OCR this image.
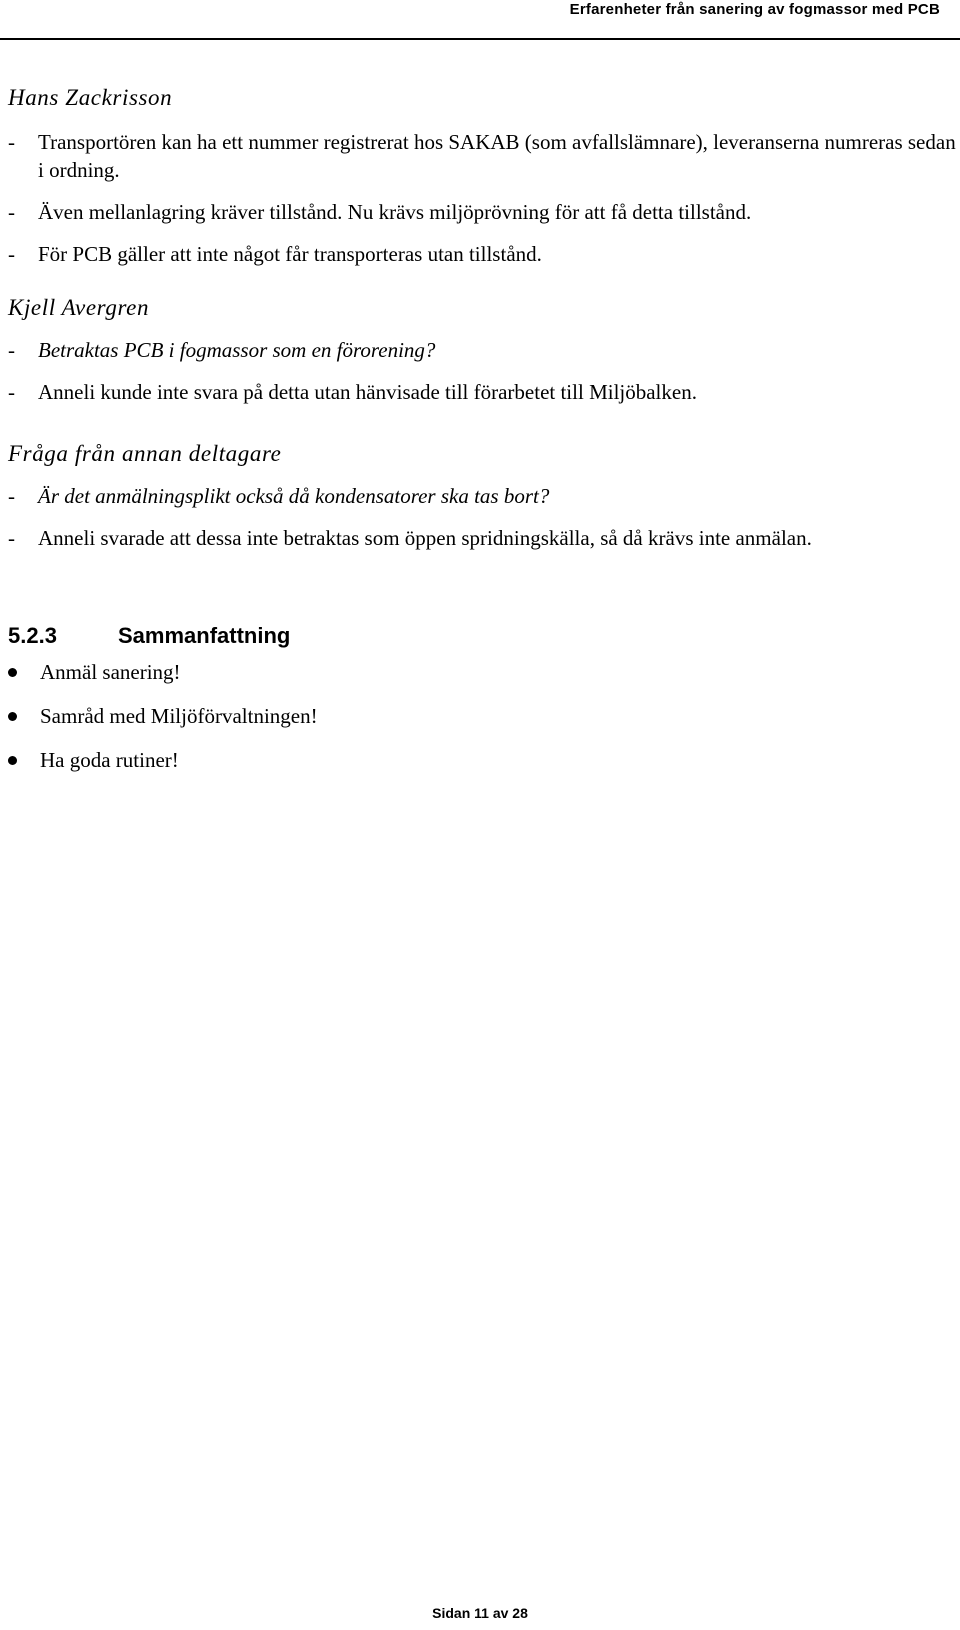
Erfarenheter från sanering av fogmassor med PCB

Hans Zackrisson

- Transportören kan ha ett nummer registrerat hos SAKAB (som avfallslämnare), leveranserna numreras sedan i ordning.

- Även mellanlagring kräver tillstånd. Nu krävs miljöprövning för att få detta tillstånd.

- För PCB gäller att inte något får transporteras utan tillstånd.

Kjell Avergren

- Betraktas PCB i fogmassor som en förorening?

- Anneli kunde inte svara på detta utan hänvisade till förarbetet till Miljöbalken.

Fråga från annan deltagare

- Är det anmälningsplikt också då kondensatorer ska tas bort?

- Anneli svarade att dessa inte betraktas som öppen spridningskälla, så då krävs inte anmälan.

5.2.3	Sammanfattning

Anmäl sanering!

Samråd med Miljöförvaltningen!

Ha goda rutiner!

Sidan 11 av 28
